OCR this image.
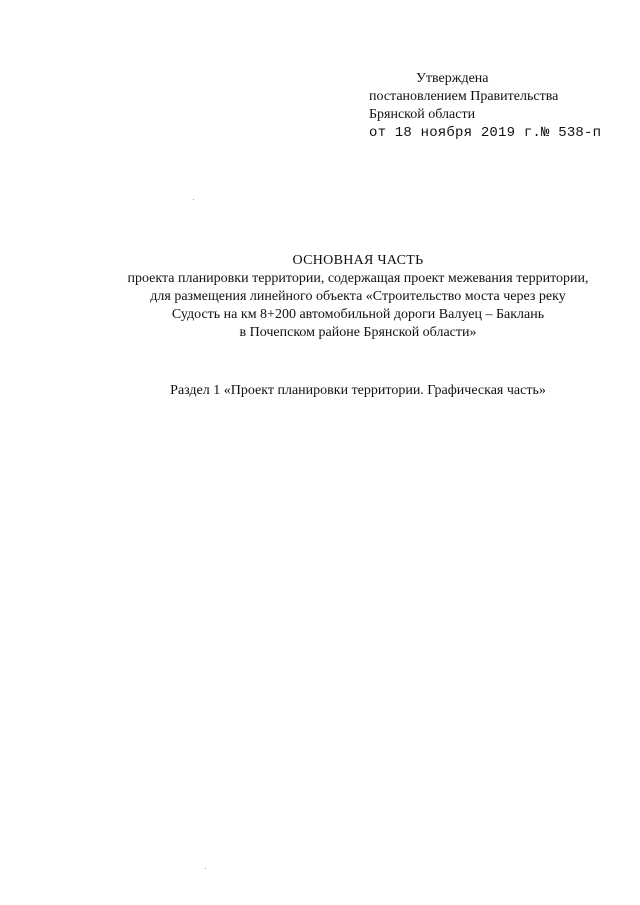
Утверждена
постановлением Правительства
Брянской области
от 18 ноября 2019 г.№ 538-п
ОСНОВНАЯ ЧАСТЬ
проекта планировки территории, содержащая проект межевания территории,
для размещения линейного объекта «Строительство моста через реку
Судость на км 8+200 автомобильной дороги Валуец – Баклань
в Почепском районе Брянской области»
Раздел 1 «Проект планировки территории. Графическая часть»
